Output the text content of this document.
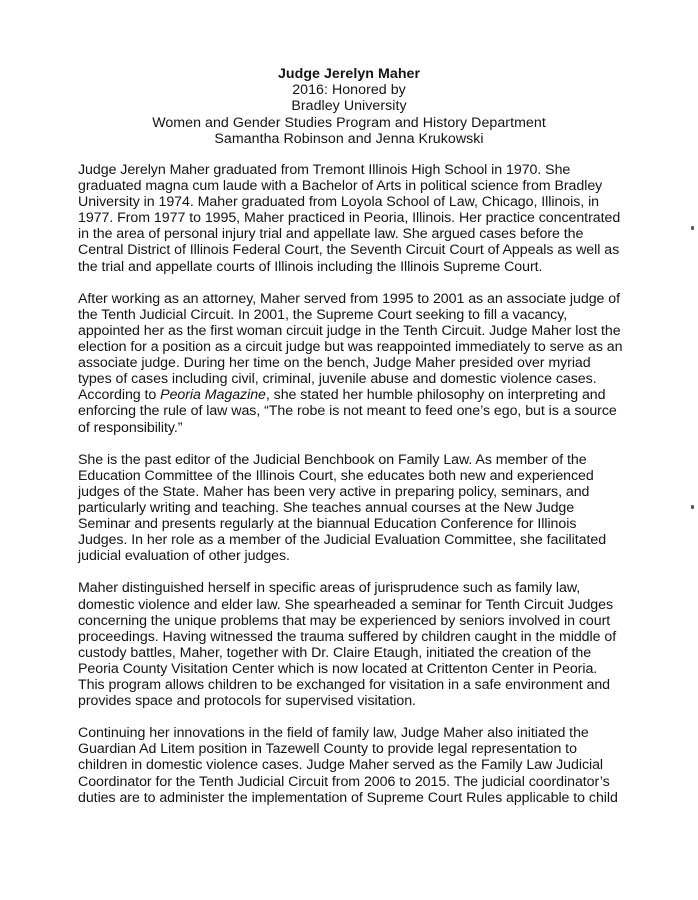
Judge Jerelyn Maher
2016: Honored by
Bradley University
Women and Gender Studies Program and History Department
Samantha Robinson and Jenna Krukowski
Judge Jerelyn Maher graduated from Tremont Illinois High School in 1970. She
graduated magna cum laude with a Bachelor of Arts in political science from Bradley
University in 1974. Maher graduated from Loyola School of Law, Chicago, Illinois, in
1977. From 1977 to 1995, Maher practiced in Peoria, Illinois. Her practice concentrated
in the area of personal injury trial and appellate law. She argued cases before the
Central District of Illinois Federal Court, the Seventh Circuit Court of Appeals as well as
the trial and appellate courts of Illinois including the Illinois Supreme Court.
After working as an attorney, Maher served from 1995 to 2001 as an associate judge of
the Tenth Judicial Circuit. In 2001, the Supreme Court seeking to fill a vacancy,
appointed her as the first woman circuit judge in the Tenth Circuit. Judge Maher lost the
election for a position as a circuit judge but was reappointed immediately to serve as an
associate judge. During her time on the bench, Judge Maher presided over myriad
types of cases including civil, criminal, juvenile abuse and domestic violence cases.
According to Peoria Magazine, she stated her humble philosophy on interpreting and
enforcing the rule of law was, “The robe is not meant to feed one’s ego, but is a source
of responsibility.”
She is the past editor of the Judicial Benchbook on Family Law. As member of the
Education Committee of the Illinois Court, she educates both new and experienced
judges of the State. Maher has been very active in preparing policy, seminars, and
particularly writing and teaching. She teaches annual courses at the New Judge
Seminar and presents regularly at the biannual Education Conference for Illinois
Judges. In her role as a member of the Judicial Evaluation Committee, she facilitated
judicial evaluation of other judges.
Maher distinguished herself in specific areas of jurisprudence such as family law,
domestic violence and elder law. She spearheaded a seminar for Tenth Circuit Judges
concerning the unique problems that may be experienced by seniors involved in court
proceedings. Having witnessed the trauma suffered by children caught in the middle of
custody battles, Maher, together with Dr. Claire Etaugh, initiated the creation of the
Peoria County Visitation Center which is now located at Crittenton Center in Peoria.
This program allows children to be exchanged for visitation in a safe environment and
provides space and protocols for supervised visitation.
Continuing her innovations in the field of family law, Judge Maher also initiated the
Guardian Ad Litem position in Tazewell County to provide legal representation to
children in domestic violence cases. Judge Maher served as the Family Law Judicial
Coordinator for the Tenth Judicial Circuit from 2006 to 2015. The judicial coordinator’s
duties are to administer the implementation of Supreme Court Rules applicable to child
